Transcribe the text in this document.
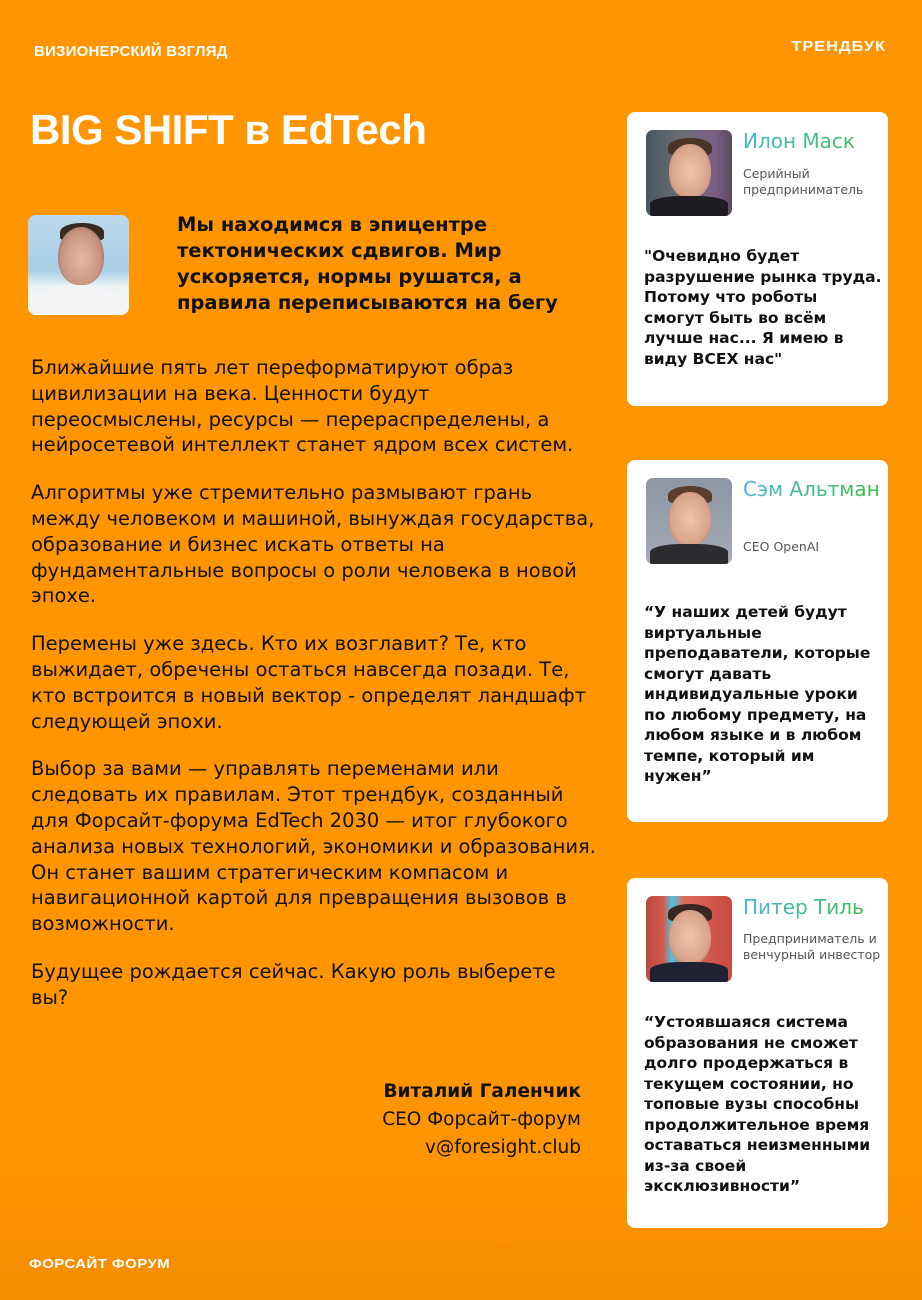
ВИЗИОНЕРСКИЙ ВЗГЛЯД	ТРЕНДБУК
BIG SHIFT в EdTech

Мы находимся в эпицентре тектонических сдвигов. Мир ускоряется, нормы рушатся, а правила переписываются на бегу

Ближайшие пять лет переформатируют образ цивилизации на века. Ценности будут переосмыслены, ресурсы — перераспределены, а нейросетевой интеллект станет ядром всех систем.

Алгоритмы уже стремительно размывают грань между человеком и машиной, вынуждая государства, образование и бизнес искать ответы на фундаментальные вопросы о роли человека в новой эпохе.

Перемены уже здесь. Кто их возглавит? Те, кто выжидает, обречены остаться навсегда позади. Те, кто встроится в новый вектор - определят ландшафт следующей эпохи.

Выбор за вами — управлять переменами или следовать их правилам. Этот трендбук, созданный для Форсайт-форума EdTech 2030 — итог глубокого анализа новых технологий, экономики и образования. Он станет вашим стратегическим компасом и навигационной картой для превращения вызовов в возможности.

Будущее рождается сейчас. Какую роль выберете вы?

Виталий Галенчик
CEO Форсайт-форум
v@foresight.club
ФОРСАЙТ ФОРУМ
Илон Маск
Серийный предприниматель

"Очевидно будет разрушение рынка труда. Потому что роботы смогут быть во всём лучше нас... Я имею в виду ВСЕХ нас"

Сэм Альтман
CEO OpenAI

“У наших детей будут виртуальные преподаватели, которые смогут давать индивидуальные уроки по любому предмету, на любом языке и в любом темпе, который им нужен”

Питер Тиль
Предприниматель и венчурный инвестор

“Устоявшаяся система образования не сможет долго продержаться в текущем состоянии, но топовые вузы способны продолжительное время оставаться неизменными из-за своей эксклюзивности”
